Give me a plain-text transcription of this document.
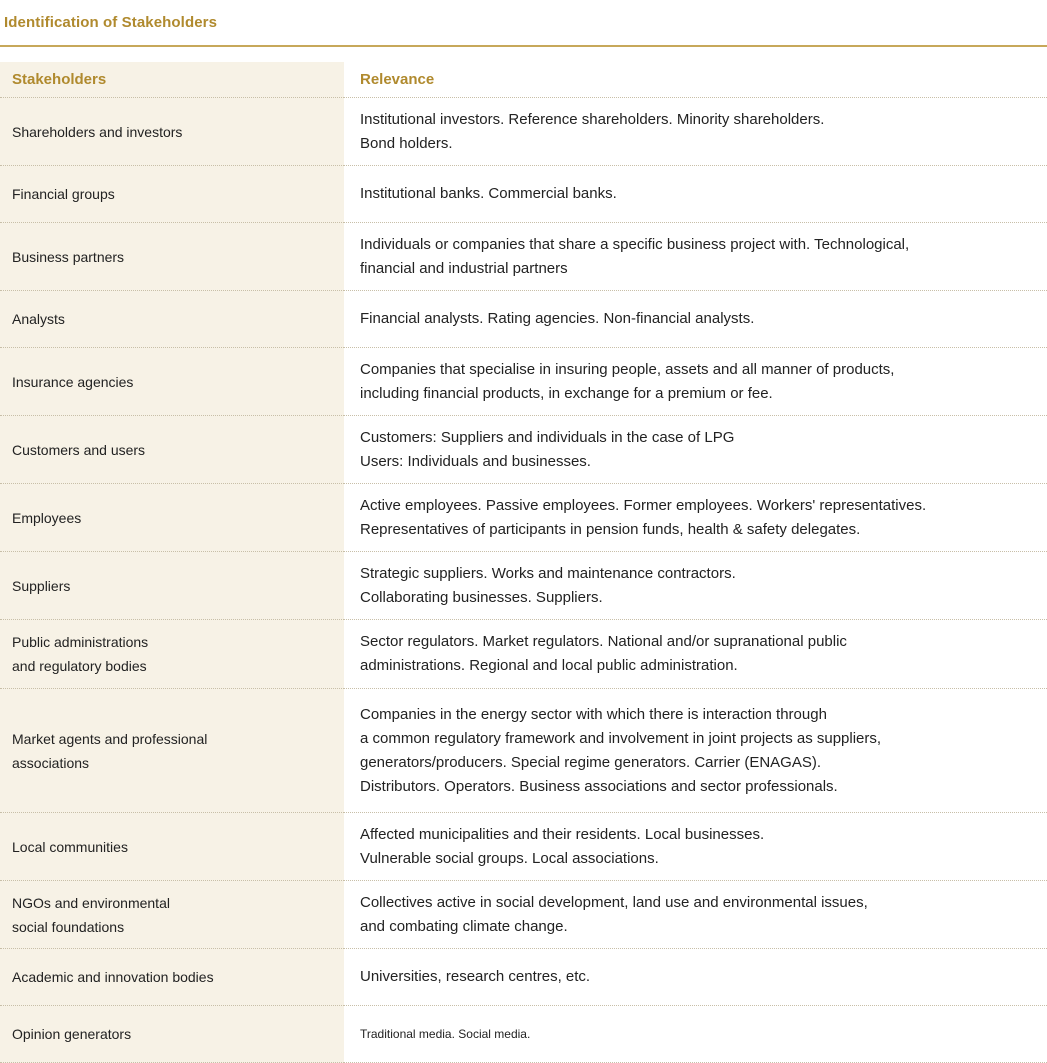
Identification of Stakeholders
Stakeholders	Relevance

Shareholders and investors	Institutional investors. Reference shareholders. Minority shareholders.
Bond holders.

Financial groups	Institutional banks. Commercial banks.

Business partners	Individuals or companies that share a specific business project with. Technological,
financial and industrial partners

Analysts	Financial analysts. Rating agencies. Non-financial analysts.

Insurance agencies	Companies that specialise in insuring people, assets and all manner of products,
including financial products, in exchange for a premium or fee.

Customers and users	Customers: Suppliers and individuals in the case of LPG
Users: Individuals and businesses.

Employees	Active employees. Passive employees. Former employees. Workers' representatives.
Representatives of participants in pension funds, health & safety delegates.

Suppliers	Strategic suppliers. Works and maintenance contractors.
Collaborating businesses. Suppliers.

Public administrations
and regulatory bodies	Sector regulators. Market regulators. National and/or supranational public
administrations. Regional and local public administration.

Market agents and professional
associations	Companies in the energy sector with which there is interaction through
a common regulatory framework and involvement in joint projects as suppliers,
generators/producers. Special regime generators. Carrier (ENAGAS).
Distributors. Operators. Business associations and sector professionals.

Local communities	Affected municipalities and their residents. Local businesses.
Vulnerable social groups. Local associations.

NGOs and environmental
social foundations	Collectives active in social development, land use and environmental issues,
and combating climate change.

Academic and innovation bodies	Universities, research centres, etc.

Opinion generators	Traditional media. Social media.
